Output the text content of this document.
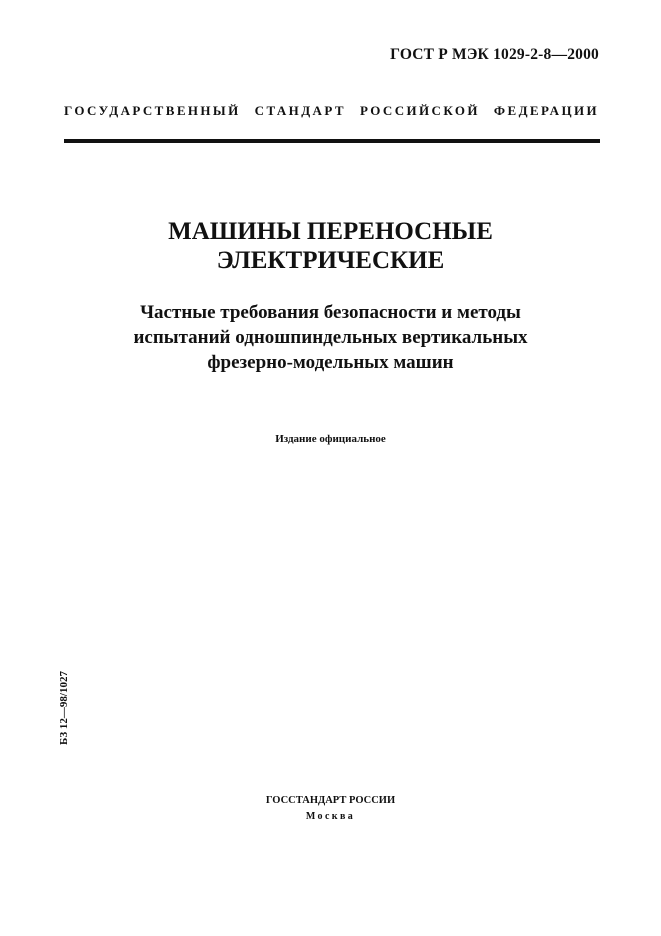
ГОСТ Р МЭК 1029-2-8—2000
ГОСУДАРСТВЕННЫЙ СТАНДАРТ РОССИЙСКОЙ ФЕДЕРАЦИИ
МАШИНЫ ПЕРЕНОСНЫЕ
ЭЛЕКТРИЧЕСКИЕ
Частные требования безопасности и методы
испытаний одношпиндельных вертикальных
фрезерно-модельных машин
Издание официальное
БЗ 12—98/1027
ГОССТАНДАРТ РОССИИ
Москва
